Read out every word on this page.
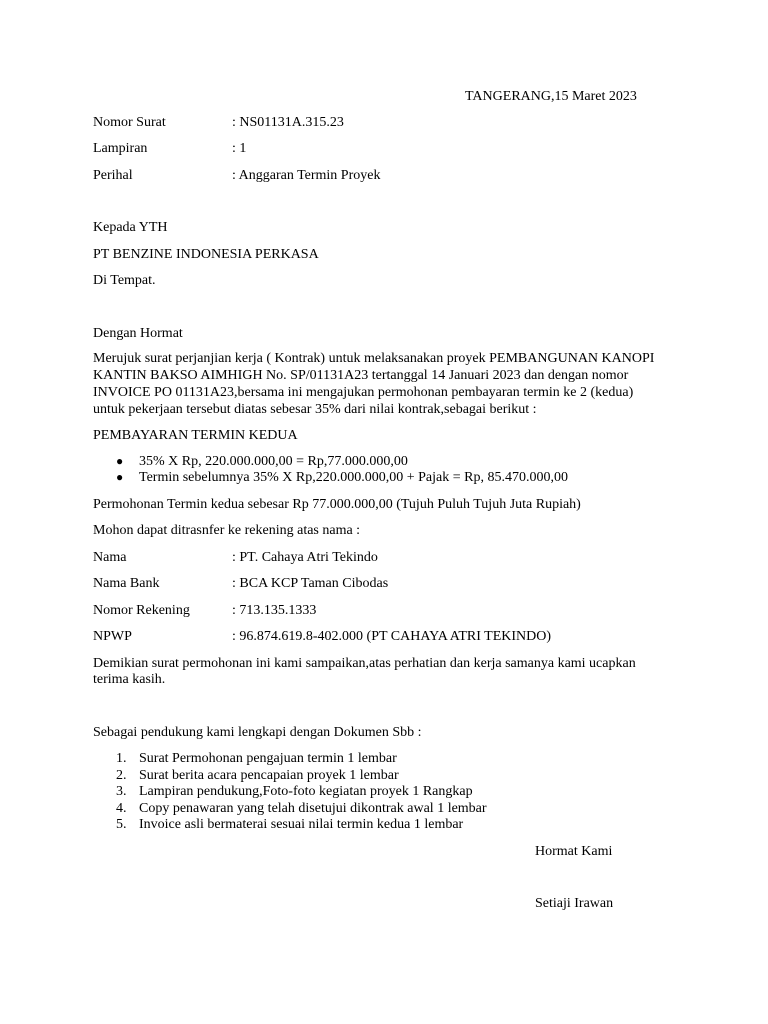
TANGERANG,15 Maret 2023
Nomor Surat	: NS01131A.315.23
Lampiran	: 1
Perihal	: Anggaran Termin Proyek
Kepada YTH
PT BENZINE INDONESIA PERKASA
Di Tempat.
Dengan Hormat
Merujuk surat perjanjian kerja ( Kontrak) untuk melaksanakan proyek PEMBANGUNAN KANOPI
KANTIN BAKSO AIMHIGH No. SP/01131A23 tertanggal 14 Januari 2023 dan dengan nomor
INVOICE PO 01131A23,bersama ini mengajukan permohonan pembayaran termin ke 2 (kedua)
untuk pekerjaan tersebut diatas sebesar 35% dari nilai kontrak,sebagai berikut :
PEMBAYARAN TERMIN KEDUA
● 35% X Rp, 220.000.000,00 = Rp,77.000.000,00
● Termin sebelumnya 35% X Rp,220.000.000,00 + Pajak = Rp, 85.470.000,00
Permohonan Termin kedua sebesar Rp 77.000.000,00 (Tujuh Puluh Tujuh Juta Rupiah)
Mohon dapat ditrasnfer ke rekening atas nama :
Nama	: PT. Cahaya Atri Tekindo
Nama Bank	: BCA KCP Taman Cibodas
Nomor Rekening	: 713.135.1333
NPWP	: 96.874.619.8-402.000 (PT CAHAYA ATRI TEKINDO)
Demikian surat permohonan ini kami sampaikan,atas perhatian dan kerja samanya kami ucapkan
terima kasih.
Sebagai pendukung kami lengkapi dengan Dokumen Sbb :
1. Surat Permohonan pengajuan termin 1 lembar
2. Surat berita acara pencapaian proyek 1 lembar
3. Lampiran pendukung,Foto-foto kegiatan proyek 1 Rangkap
4. Copy penawaran yang telah disetujui dikontrak awal 1 lembar
5. Invoice asli bermaterai sesuai nilai termin kedua 1 lembar
Hormat Kami
Setiaji Irawan
